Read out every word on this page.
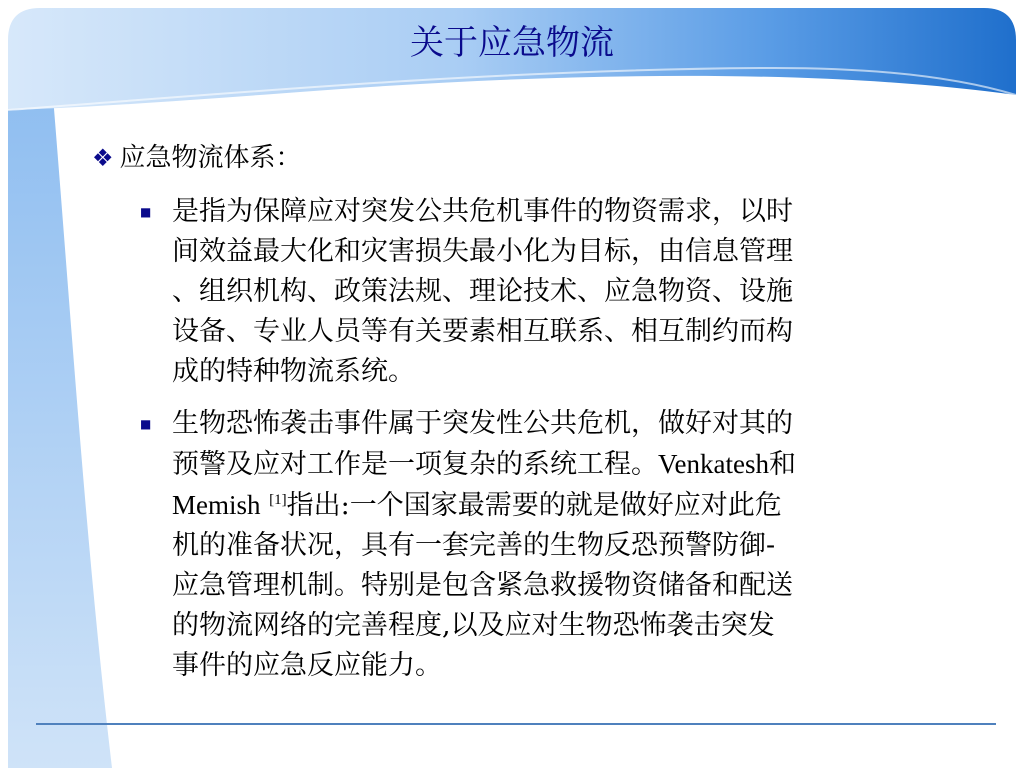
关于应急物流
❖ 应急物流体系：
■ 是指为保障应对突发公共危机事件的物资需求，以时
间效益最大化和灾害损失最小化为目标，由信息管理
、组织机构、政策法规、理论技术、应急物资、设施
设备、专业人员等有关要素相互联系、相互制约而构
成的特种物流系统。
■ 生物恐怖袭击事件属于突发性公共危机，做好对其的
预警及应对工作是一项复杂的系统工程。Venkatesh和
Memish [1]指出:一个国家最需要的就是做好应对此危
机的准备状况，具有一套完善的生物反恐预警防御-
应急管理机制。特别是包含紧急救援物资储备和配送
的物流网络的完善程度,以及应对生物恐怖袭击突发
事件的应急反应能力。
